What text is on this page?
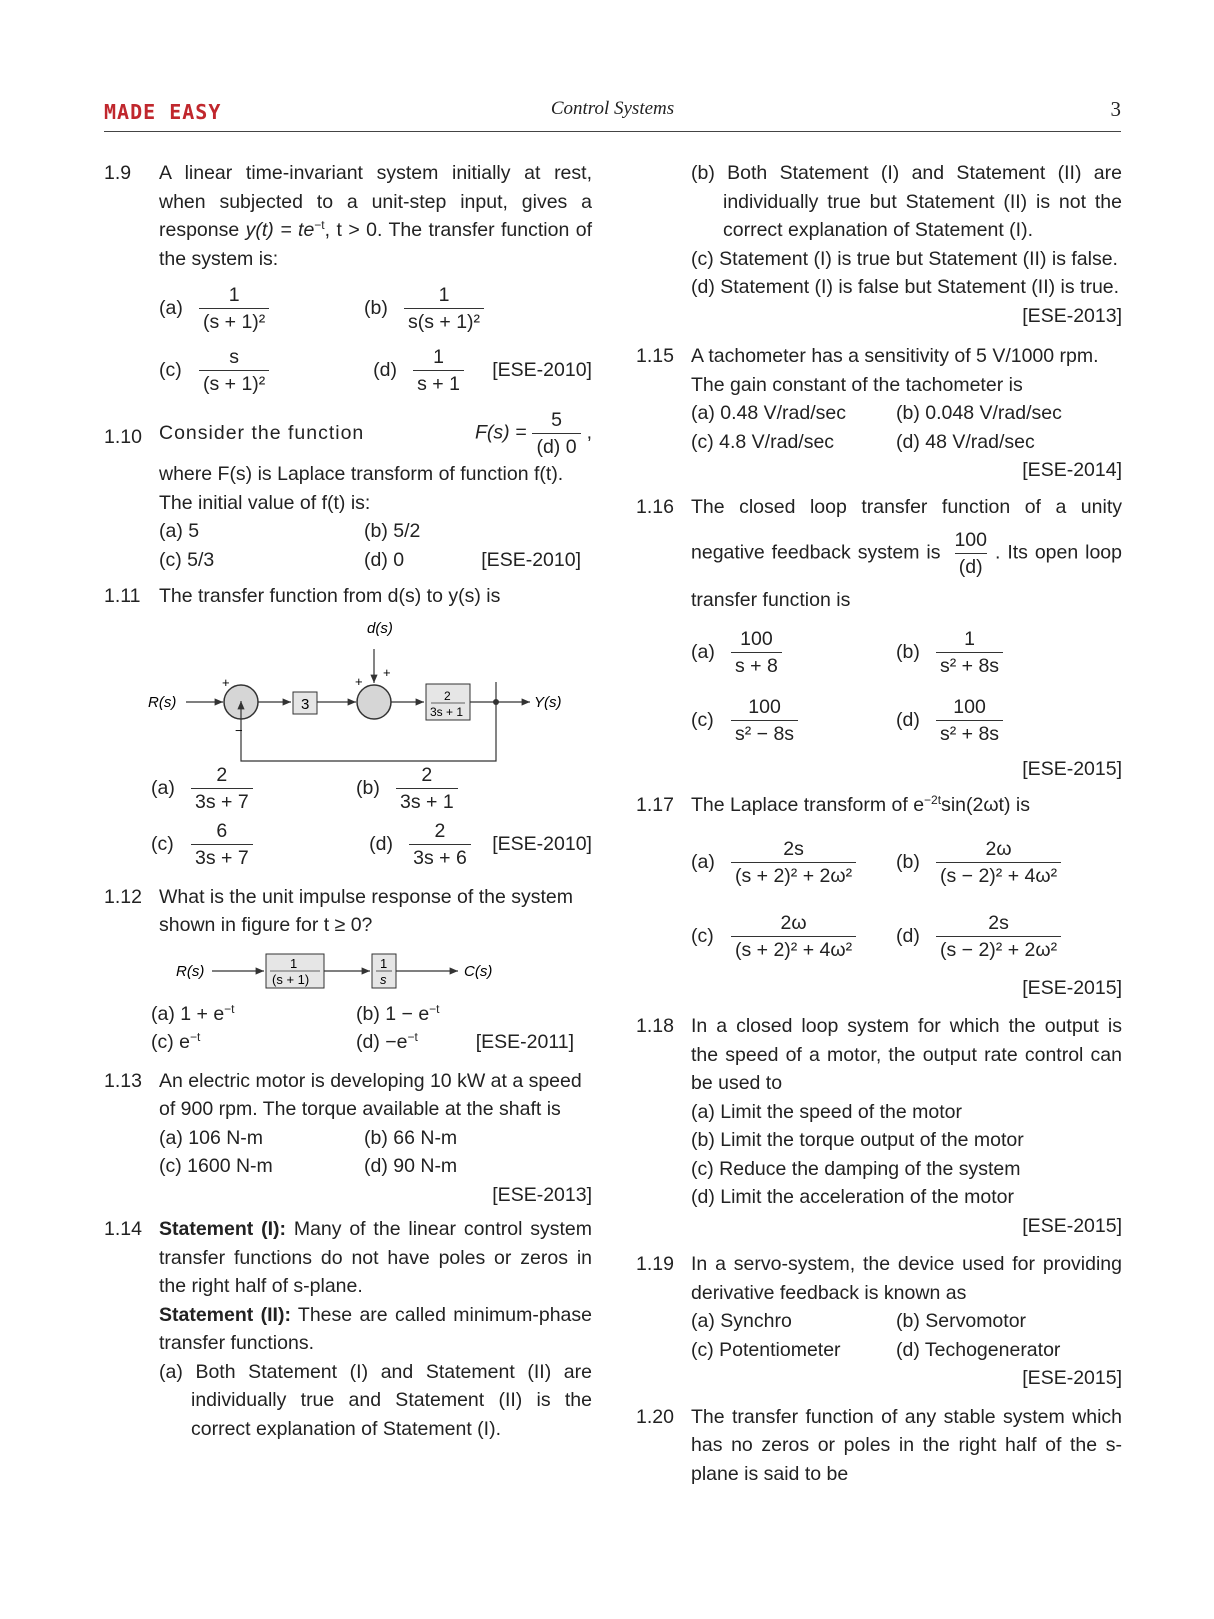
MADE EASY	Control Systems	3
1.9	A linear time-invariant system initially at rest, when subjected to a unit-step input, gives a response $y(t) = te^{-t}$, t > 0. The transfer function of the system is:
$(a) \frac{1}{\text{(s + 1)²}}$	$(b) \frac{1}{\text{s(s + 1)²}}$
$(c) \frac{s}{\text{(s + 1)²}}$	$(d) \frac{1}{s + 1} [ESE-2010]$
1.10 Consider the function	$F(s) = \frac{5}{(d) 0}$ ,
where F(s) is Laplace transform of function f(t). The initial value of f(t) is:
(a) 5	(b) 5/2
(c) 5/3	(d) 0	[ESE-2010]
1.11 The transfer function from d(s) to y(s) is
d(s)
R(s)	Y(s)
3	2
3s + 1
+
−
+
+
$(a) \frac{2}{3s + 7}$	$(b) \frac{2}{3s + 1}$
$(c) \frac{6}{3s + 7}$	$(d) \frac{2}{3s + 6} [ESE-2010]$
1.12 What is the unit impulse response of the system shown in figure for t ≥ 0?
R(s)	1
(s + 1)
1
s	C(s)
(a) $1 + e^{-t}$	(b) $1 - e^{-t}$
(c) $e^{-t}$	$(d) -e^{-t}$	[ESE-2011]
1.13 An electric motor is developing 10 kW at a speed of 900 rpm. The torque available at the shaft is
(a) 106 N-m	(b) 66 N-m
(c) 1600 N-m	(d) 90 N-m
[ESE-2013]
1.14 Statement (I): Many of the linear control system transfer functions do not have poles or zeros in the right half of s-plane.
Statement (II): These are called minimum-phase transfer functions.
(a) Both Statement (I) and Statement (II) are individually true and Statement (II) is the correct explanation of Statement (I).
(b) Both Statement (I) and Statement (II) are individually true but Statement (II) is not the correct explanation of Statement (I).
(c) Statement (I) is true but Statement (II) is false.
(d) Statement (I) is false but Statement (II) is true.
[ESE-2013]
1.15 A tachometer has a sensitivity of 5 V/1000 rpm. The gain constant of the tachometer is
(a) 0.48 V/rad/sec	(b) 0.048 V/rad/sec
(c) 4.8 V/rad/sec	(d) 48 V/rad/sec
[ESE-2014]
1.16 The closed loop transfer function of a unity negative feedback system is $\frac{100}{(d)}$ . Its open loop transfer function is
$(a) \frac{100}{s + 8}$	$(b) \frac{1}{\text{s² + 8s}}$
$(c) \frac{100}{\text{s² − 8s}}$	$(d) \frac{100}{\text{s² + 8s}}$
[ESE-2015]
1.17 The Laplace transform of $e^{-2t}\sin(2\omega t)$ is
$(a) \frac{2s}{\text{(s + 2)² + 2ω²}} (b) \frac{2\omega}{\text{(s − 2)² + 4ω²}}$
$(c) \frac{2\omega}{\text{(s + 2)² + 4ω²}} (d) \frac{2s}{\text{(s − 2)² + 2ω²}}$
[ESE-2015]
1.18 In a closed loop system for which the output is the speed of a motor, the output rate control can be used to
(a) Limit the speed of the motor
(b) Limit the torque output of the motor
(c) Reduce the damping of the system
(d) Limit the acceleration of the motor
[ESE-2015]
1.19 In a servo-system, the device used for providing derivative feedback is known as
(a) Synchro	(b) Servomotor
(c) Potentiometer	(d) Techogenerator
[ESE-2015]
1.20 The transfer function of any stable system which has no zeros or poles in the right half of the s-plane is said to be
